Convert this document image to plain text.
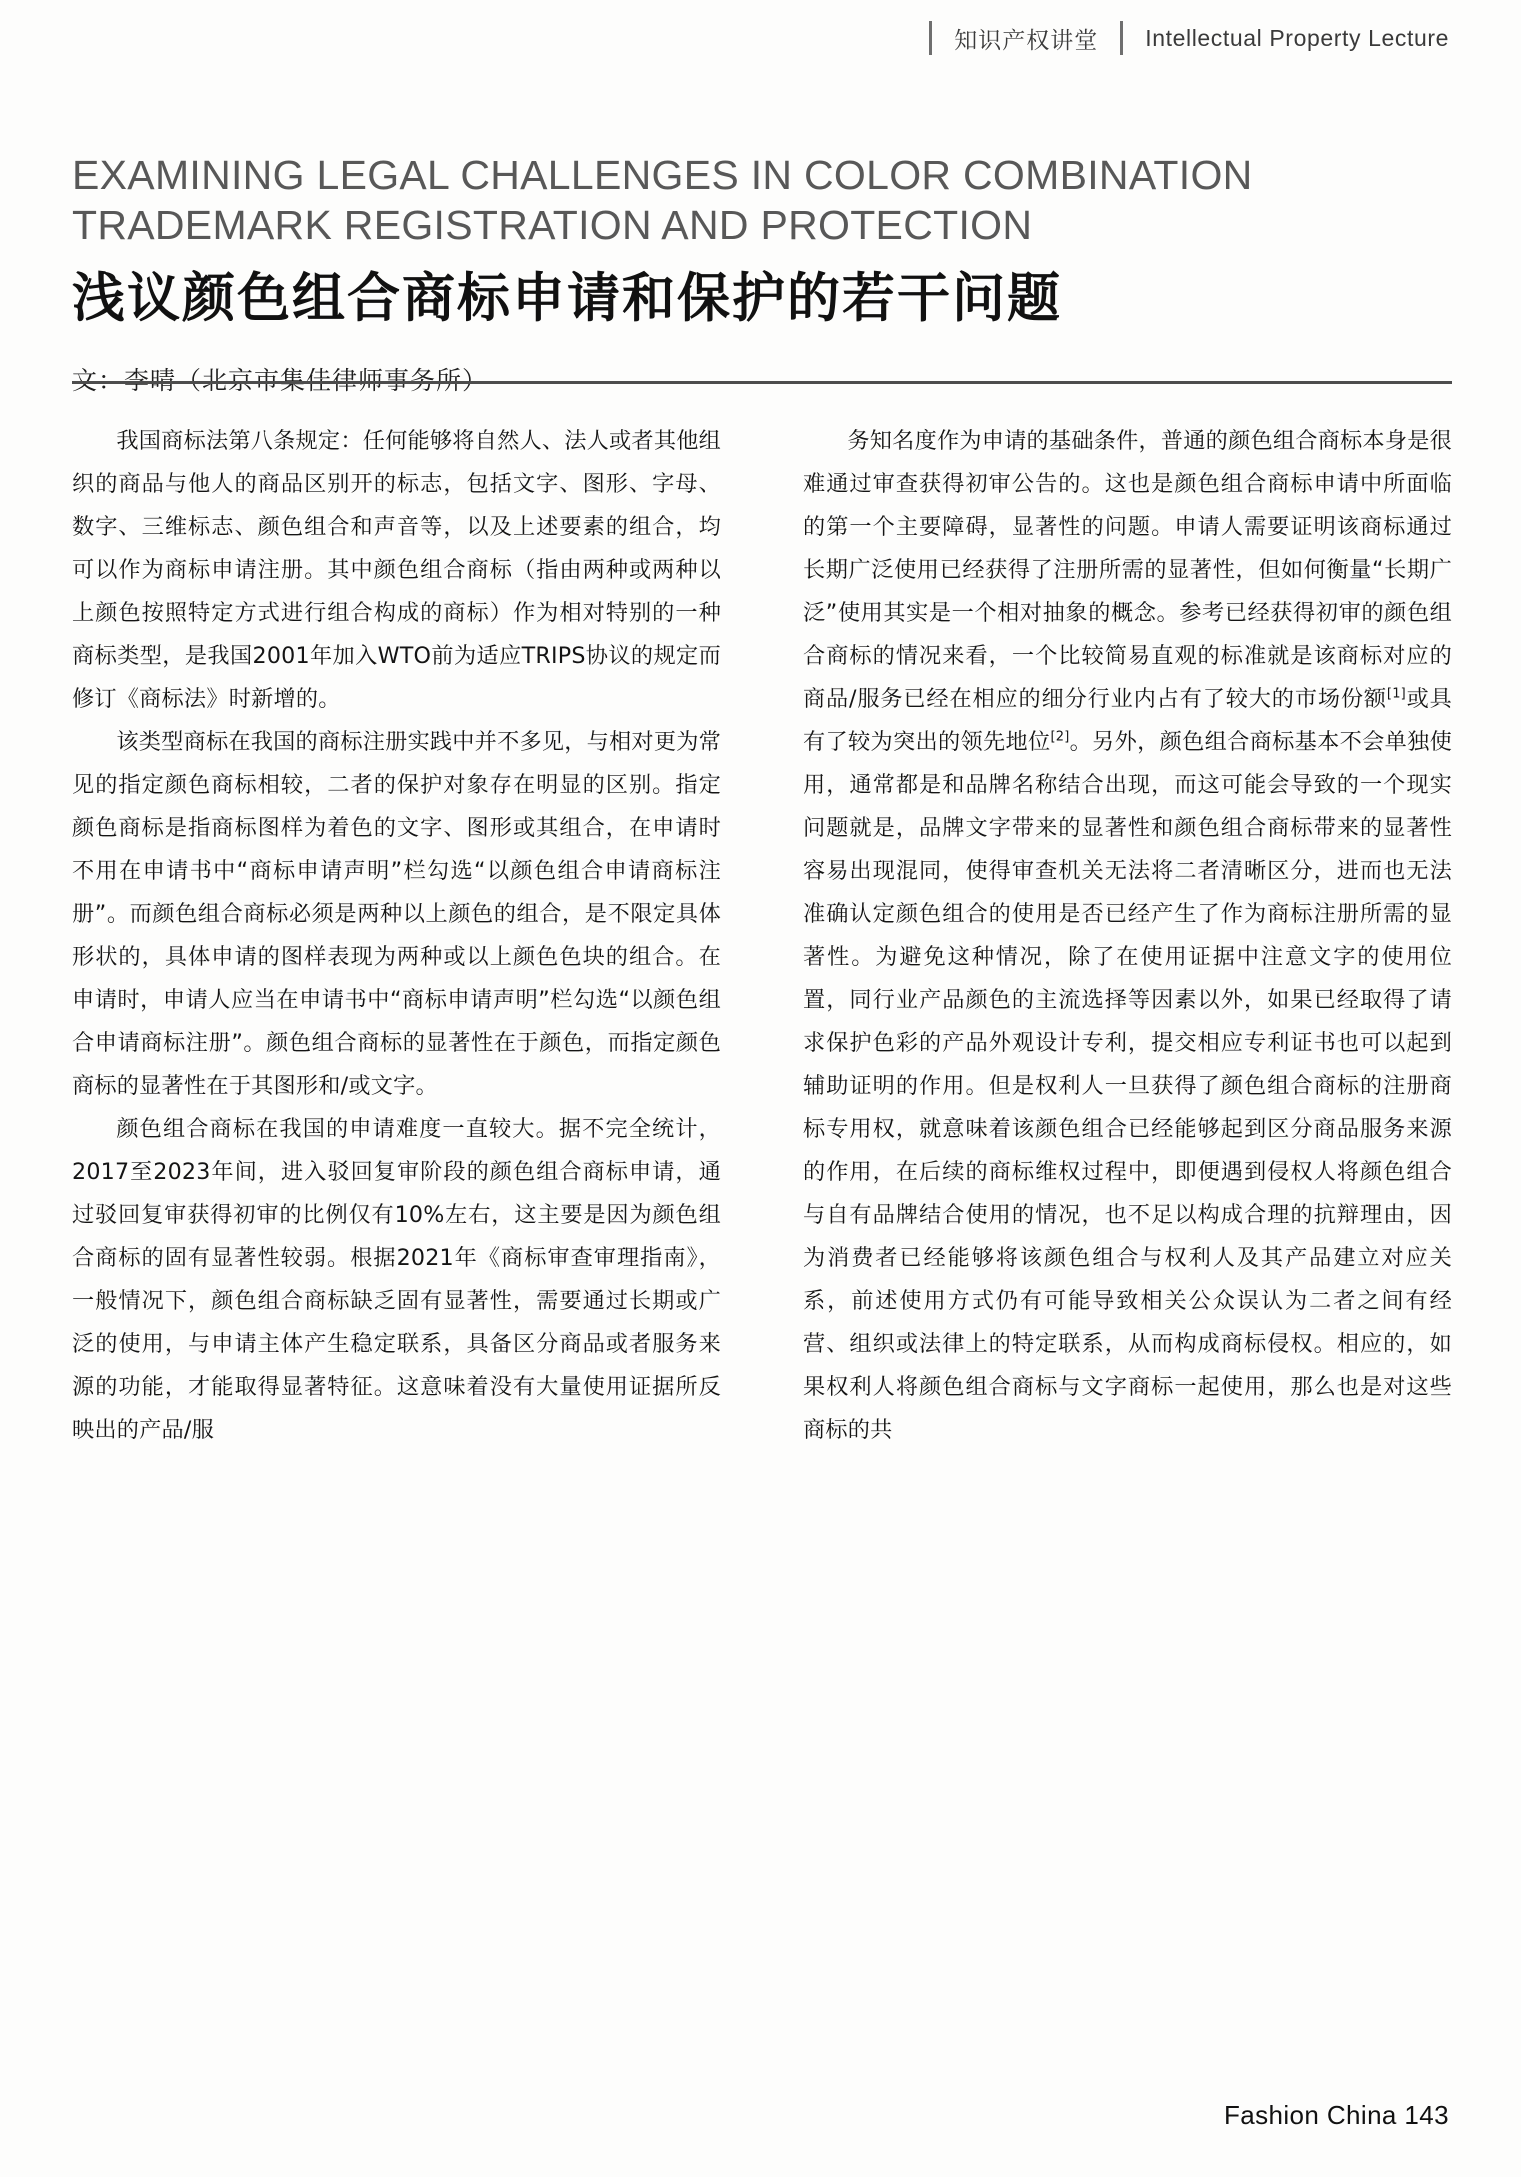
知识产权讲堂 Intellectual Property Lecture
EXAMINING LEGAL CHALLENGES IN COLOR COMBINATION
TRADEMARK REGISTRATION AND PROTECTION
浅议颜色组合商标申请和保护的若干问题

我国商标法第八条规定：任何能够将自然人、法人或者其他组织的商品与他人的商品区别开的标志，包括文字、图形、字母、数字、三维标志、颜色组合和声音等，以及上述要素的组合，均可以作为商标申请注册。其中颜色组合商标（指由两种或两种以上颜色按照特定方式进行组合构成的商标）作为相对特别的一种商标类型，是我国2001年加入WTO前为适应TRIPS协议的规定而修订《商标法》时新增的。

该类型商标在我国的商标注册实践中并不多见，与相对更为常见的指定颜色商标相较，二者的保护对象存在明显的区别。指定颜色商标是指商标图样为着色的文字、图形或其组合，在申请时不用在申请书中“商标申请声明”栏勾选“以颜色组合申请商标注册”。而颜色组合商标必须是两种以上颜色的组合，是不限定具体形状的，具体申请的图样表现为两种或以上颜色色块的组合。在申请时，申请人应当在申请书中“商标申请声明”栏勾选“以颜色组合申请商标注册”。颜色组合商标的显著性在于颜色，而指定颜色商标的显著性在于其图形和/或文字。

颜色组合商标在我国的申请难度一直较大。据不完全统计，2017至2023年间，进入驳回复审阶段的颜色组合商标申请，通过驳回复审获得初审的比例仅有10%左右，这主要是因为颜色组合商标的固有显著性较弱。根据2021年《商标审查审理指南》，一般情况下，颜色组合商标缺乏固有显著性，需要通过长期或广泛的使用，与申请主体产生稳定联系，具备区分商品或者服务来源的功能，才能取得显著特征。这意味着没有大量使用证据所反映出的产品/服

务知名度作为申请的基础条件，普通的颜色组合商标本身是很难通过审查获得初审公告的。这也是颜色组合商标申请中所面临的第一个主要障碍，显著性的问题。申请人需要证明该商标通过长期广泛使用已经获得了注册所需的显著性，但如何衡量“长期广泛”使用其实是一个相对抽象的概念。参考已经获得初审的颜色组合商标的情况来看，一个比较简易直观的标准就是该商标对应的商品/服务已经在相应的细分行业内占有了较大的市场份额[1]或具有了较为突出的领先地位[2]。另外，颜色组合商标基本不会单独使用，通常都是和品牌名称结合出现，而这可能会导致的一个现实问题就是，品牌文字带来的显著性和颜色组合商标带来的显著性容易出现混同，使得审查机关无法将二者清晰区分，进而也无法准确认定颜色组合的使用是否已经产生了作为商标注册所需的显著性。为避免这种情况，除了在使用证据中注意文字的使用位置，同行业产品颜色的主流选择等因素以外，如果已经取得了请求保护色彩的产品外观设计专利，提交相应专利证书也可以起到辅助证明的作用。但是权利人一旦获得了颜色组合商标的注册商标专用权，就意味着该颜色组合已经能够起到区分商品服务来源的作用，在后续的商标维权过程中，即便遇到侵权人将颜色组合与自有品牌结合使用的情况，也不足以构成合理的抗辩理由，因为消费者已经能够将该颜色组合与权利人及其产品建立对应关系，前述使用方式仍有可能导致相关公众误认为二者之间有经营、组织或法律上的特定联系，从而构成商标侵权。相应的，如果权利人将颜色组合商标与文字商标一起使用，那么也是对这些商标的共

Fashion China 143
